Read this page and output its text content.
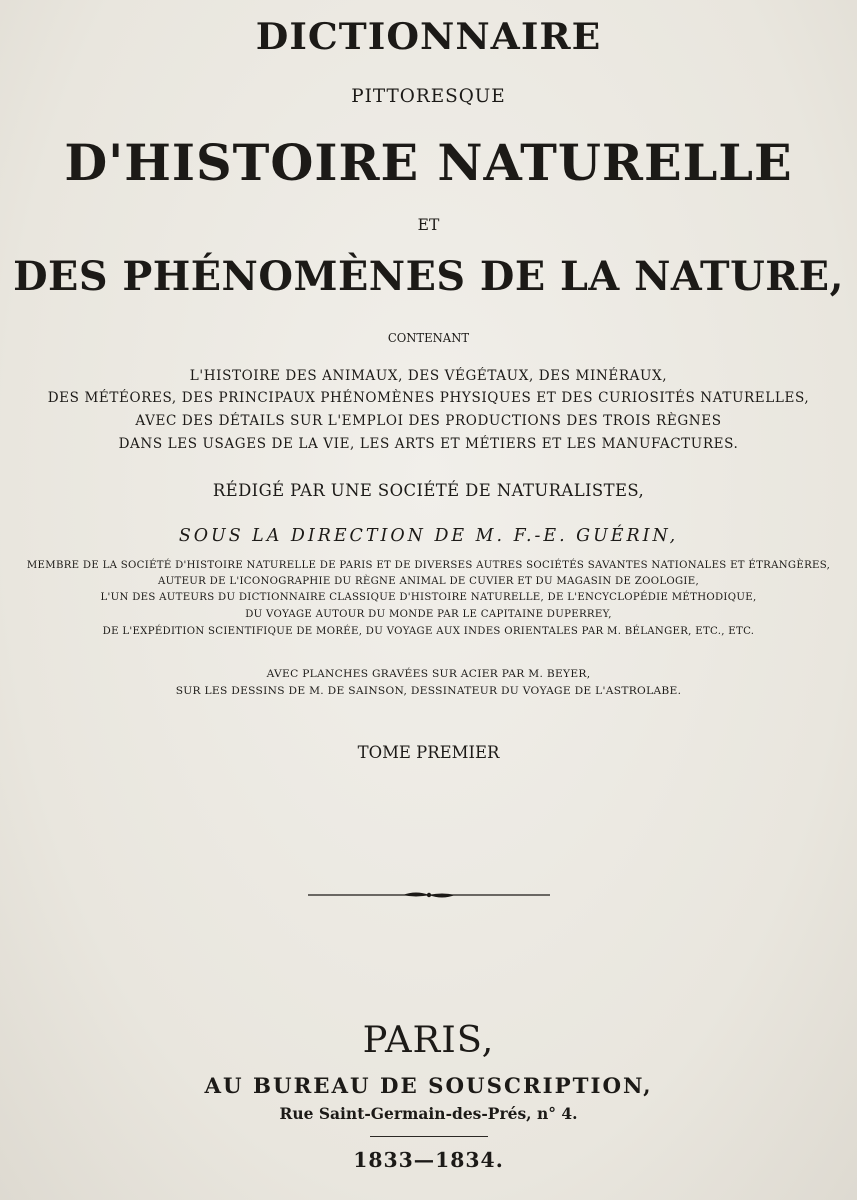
DICTIONNAIRE
PITTORESQUE
D'HISTOIRE NATURELLE
ET
DES PHÉNOMÈNES DE LA NATURE,
CONTENANT
L'HISTOIRE DES ANIMAUX, DES VÉGÉTAUX, DES MINÉRAUX,
DES MÉTÉORES, DES PRINCIPAUX PHÉNOMÈNES PHYSIQUES ET DES CURIOSITÉS NATURELLES,
AVEC DES DÉTAILS SUR L'EMPLOI DES PRODUCTIONS DES TROIS RÈGNES
DANS LES USAGES DE LA VIE, LES ARTS ET MÉTIERS ET LES MANUFACTURES.
RÉDIGÉ PAR UNE SOCIÉTÉ DE NATURALISTES,
SOUS LA DIRECTION DE M. F.-E. GUÉRIN,
MEMBRE DE LA SOCIÉTÉ D'HISTOIRE NATURELLE DE PARIS ET DE DIVERSES AUTRES SOCIÉTÉS SAVANTES NATIONALES ET ÉTRANGÈRES,
AUTEUR DE L'ICONOGRAPHIE DU RÈGNE ANIMAL DE CUVIER ET DU MAGASIN DE ZOOLOGIE,
L'UN DES AUTEURS DU DICTIONNAIRE CLASSIQUE D'HISTOIRE NATURELLE, DE L'ENCYCLOPÉDIE MÉTHODIQUE,
DU VOYAGE AUTOUR DU MONDE PAR LE CAPITAINE DUPERREY,
DE L'EXPÉDITION SCIENTIFIQUE DE MORÉE, DU VOYAGE AUX INDES ORIENTALES PAR M. BÉLANGER, ETC., ETC.
AVEC PLANCHES GRAVÉES SUR ACIER PAR M. BEYER,
SUR LES DESSINS DE M. DE SAINSON, DESSINATEUR DU VOYAGE DE L'ASTROLABE.
TOME PREMIER
PARIS,
AU BUREAU DE SOUSCRIPTION,
Rue Saint-Germain-des-Prés, n° 4.
1833—1834.
